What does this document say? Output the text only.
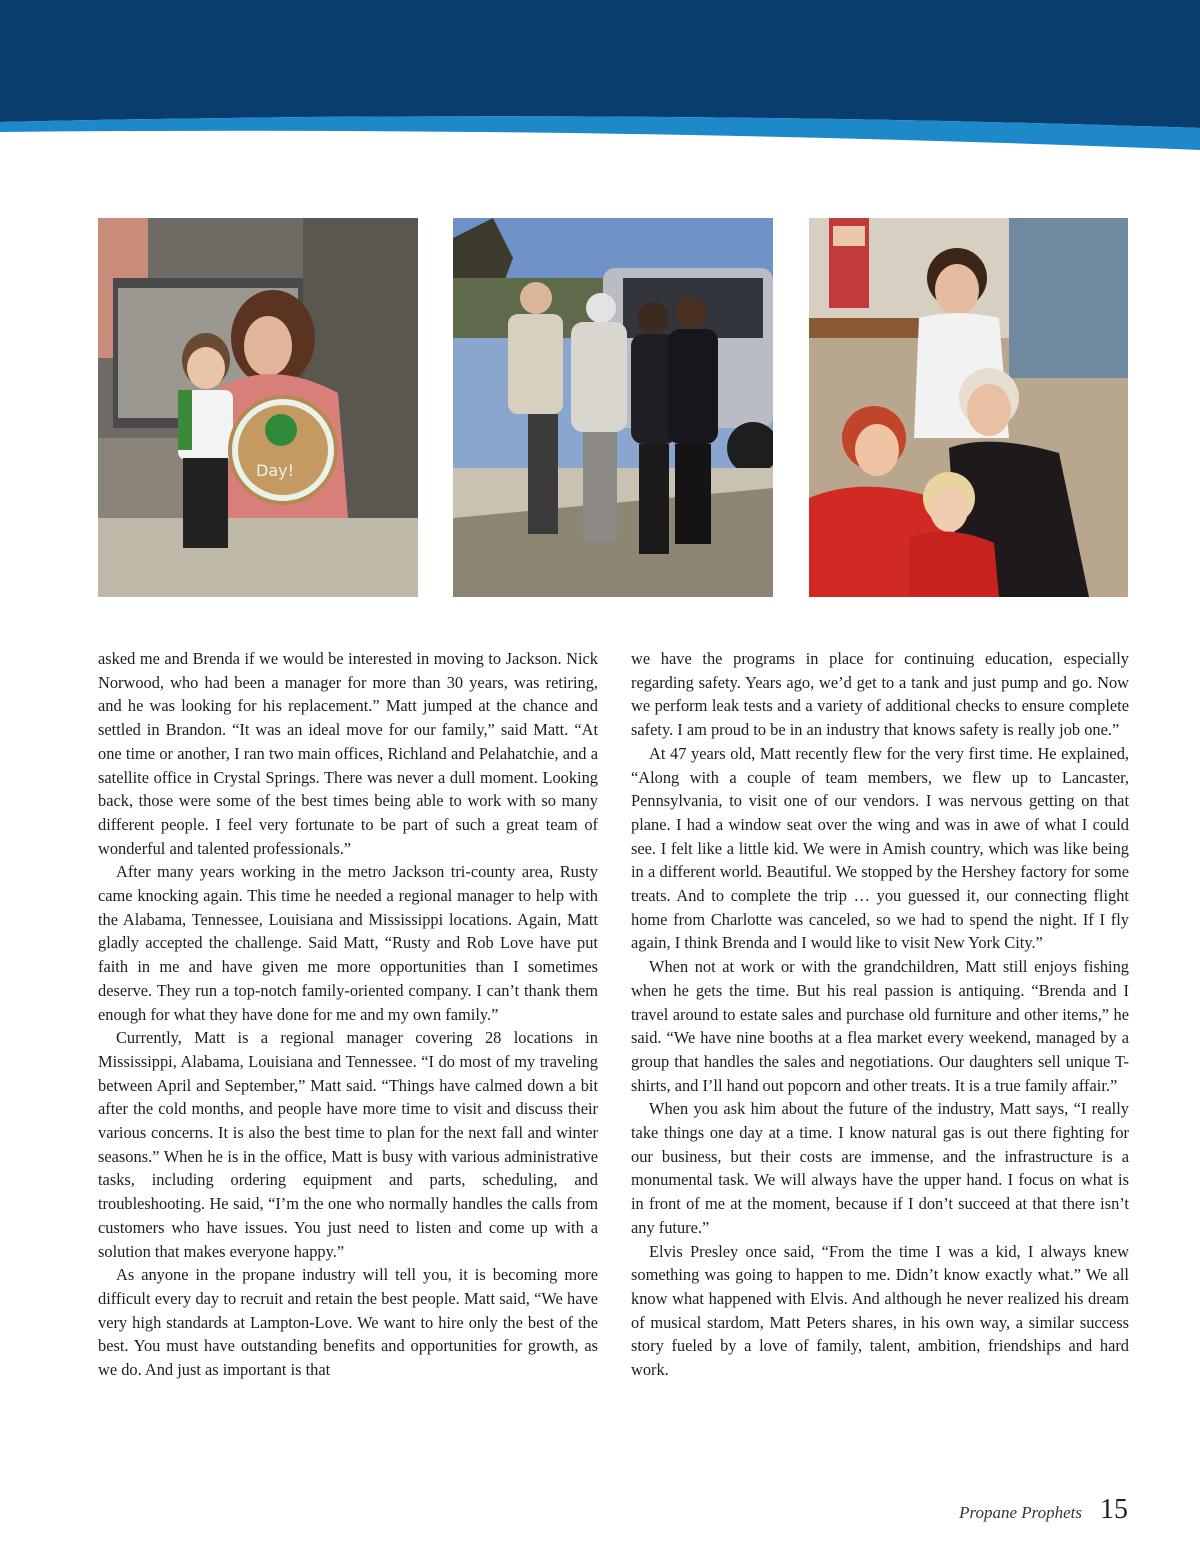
Day!

asked me and Brenda if we would be interested in moving to Jackson. Nick Norwood, who had been a manager for more than 30 years, was retiring, and he was looking for his replacement.” Matt jumped at the chance and settled in Brandon. “It was an ideal move for our family,” said Matt. “At one time or another, I ran two main offices, Richland and Pelahatchie, and a satellite office in Crystal Springs. There was never a dull moment. Looking back, those were some of the best times being able to work with so many different people. I feel very fortunate to be part of such a great team of wonderful and talented professionals.”

After many years working in the metro Jackson tri-county area, Rusty came knocking again. This time he needed a regional manager to help with the Alabama, Tennessee, Louisiana and Mississippi locations. Again, Matt gladly accepted the challenge. Said Matt, “Rusty and Rob Love have put faith in me and have given me more opportunities than I sometimes deserve. They run a top-notch family-oriented company. I can’t thank them enough for what they have done for me and my own family.”

Currently, Matt is a regional manager covering 28 locations in Mississippi, Alabama, Louisiana and Tennessee. “I do most of my traveling between April and September,” Matt said. “Things have calmed down a bit after the cold months, and people have more time to visit and discuss their various concerns. It is also the best time to plan for the next fall and winter seasons.” When he is in the office, Matt is busy with various administrative tasks, including ordering equipment and parts, scheduling, and troubleshooting. He said, “I’m the one who normally handles the calls from customers who have issues. You just need to listen and come up with a solution that makes everyone happy.”

As anyone in the propane industry will tell you, it is becoming more difficult every day to recruit and retain the best people. Matt said, “We have very high standards at Lampton-Love. We want to hire only the best of the best. You must have outstanding benefits and opportunities for growth, as we do. And just as important is that

we have the programs in place for continuing education, especially regarding safety. Years ago, we’d get to a tank and just pump and go. Now we perform leak tests and a variety of additional checks to ensure complete safety. I am proud to be in an industry that knows safety is really job one.”

At 47 years old, Matt recently flew for the very first time. He explained, “Along with a couple of team members, we flew up to Lancaster, Pennsylvania, to visit one of our vendors. I was nervous getting on that plane. I had a window seat over the wing and was in awe of what I could see. I felt like a little kid. We were in Amish country, which was like being in a different world. Beautiful. We stopped by the Hershey factory for some treats. And to complete the trip … you guessed it, our connecting flight home from Charlotte was canceled, so we had to spend the night. If I fly again, I think Brenda and I would like to visit New York City.”

When not at work or with the grandchildren, Matt still enjoys fishing when he gets the time. But his real passion is antiquing. “Brenda and I travel around to estate sales and purchase old furniture and other items,” he said. “We have nine booths at a flea market every weekend, managed by a group that handles the sales and negotiations. Our daughters sell unique T-shirts, and I’ll hand out popcorn and other treats. It is a true family affair.”

When you ask him about the future of the industry, Matt says, “I really take things one day at a time. I know natural gas is out there fighting for our business, but their costs are immense, and the infrastructure is a monumental task. We will always have the upper hand. I focus on what is in front of me at the moment, because if I don’t succeed at that there isn’t any future.”

Elvis Presley once said, “From the time I was a kid, I always knew something was going to happen to me. Didn’t know exactly what.” We all know what happened with Elvis. And although he never realized his dream of musical stardom, Matt Peters shares, in his own way, a similar success story fueled by a love of family, talent, ambition, friendships and hard work.

Propane Prophets 15
